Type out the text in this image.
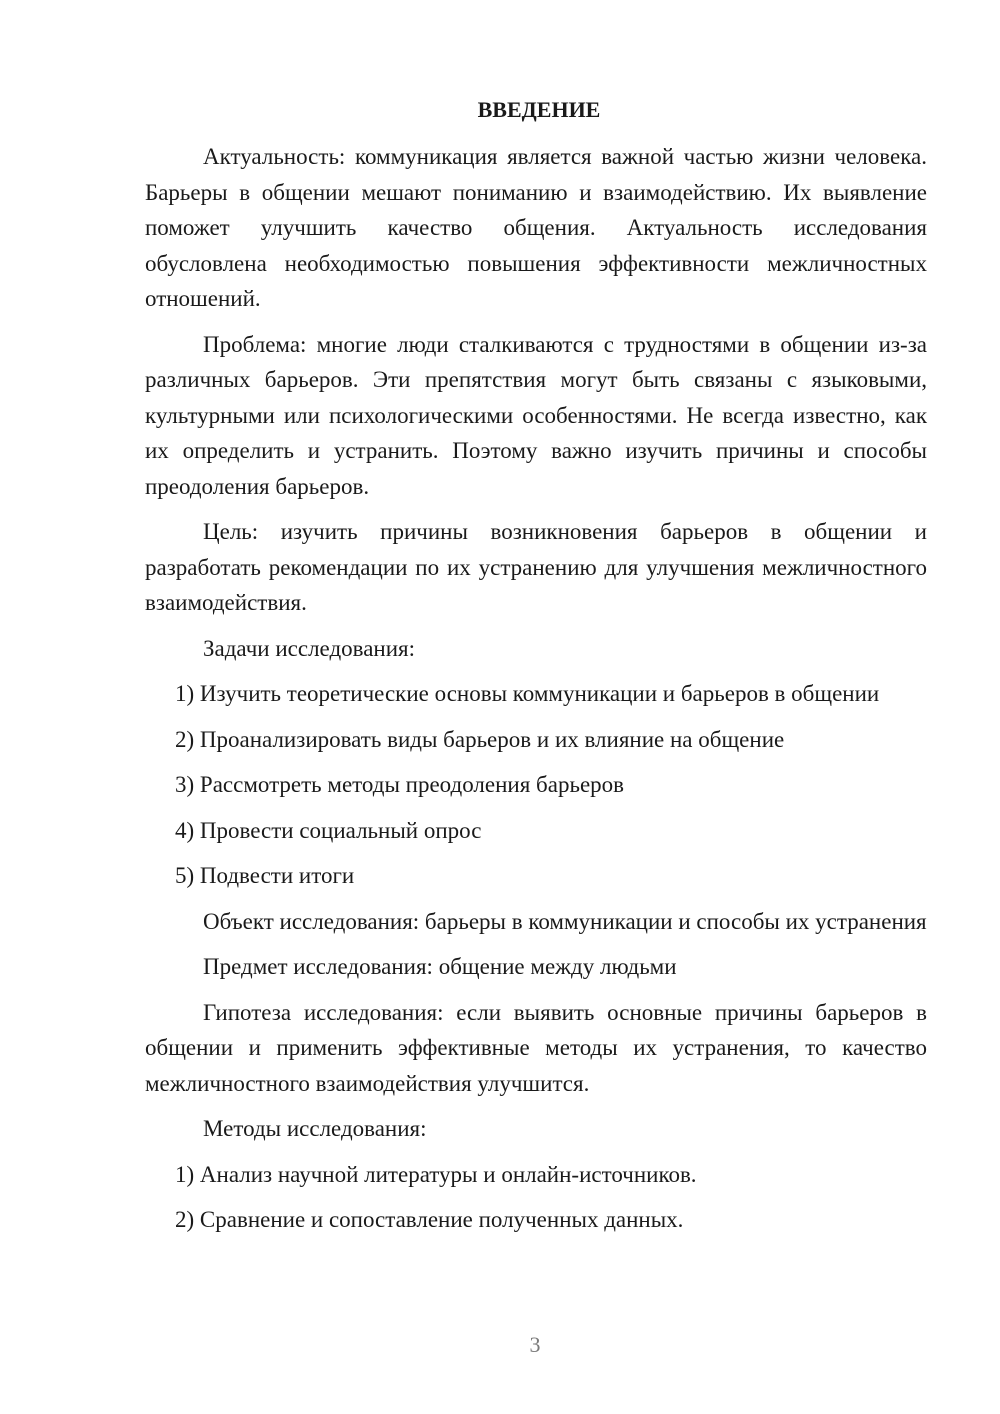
ВВЕДЕНИЕ

Актуальность: коммуникация является важной частью жизни человека. Барьеры в общении мешают пониманию и взаимодействию. Их выявление поможет улучшить качество общения. Актуальность исследования обусловлена необходимостью повышения эффективности межличностных отношений.

Проблема: многие люди сталкиваются с трудностями в общении из-за различных барьеров. Эти препятствия могут быть связаны с языковыми, культурными или психологическими особенностями. Не всегда известно, как их определить и устранить. Поэтому важно изучить причины и способы преодоления барьеров.

Цель: изучить причины возникновения барьеров в общении и разработать рекомендации по их устранению для улучшения межличностного взаимодействия.

Задачи исследования:

1) Изучить теоретические основы коммуникации и барьеров в общении

2) Проанализировать виды барьеров и их влияние на общение

3) Рассмотреть методы преодоления барьеров

4) Провести социальный опрос

5) Подвести итоги

Объект исследования: барьеры в коммуникации и способы их устранения

Предмет исследования: общение между людьми

Гипотеза исследования: если выявить основные причины барьеров в общении и применить эффективные методы их устранения, то качество межличностного взаимодействия улучшится.

Методы исследования:

1) Анализ научной литературы и онлайн-источников.

2) Сравнение и сопоставление полученных данных.

3
